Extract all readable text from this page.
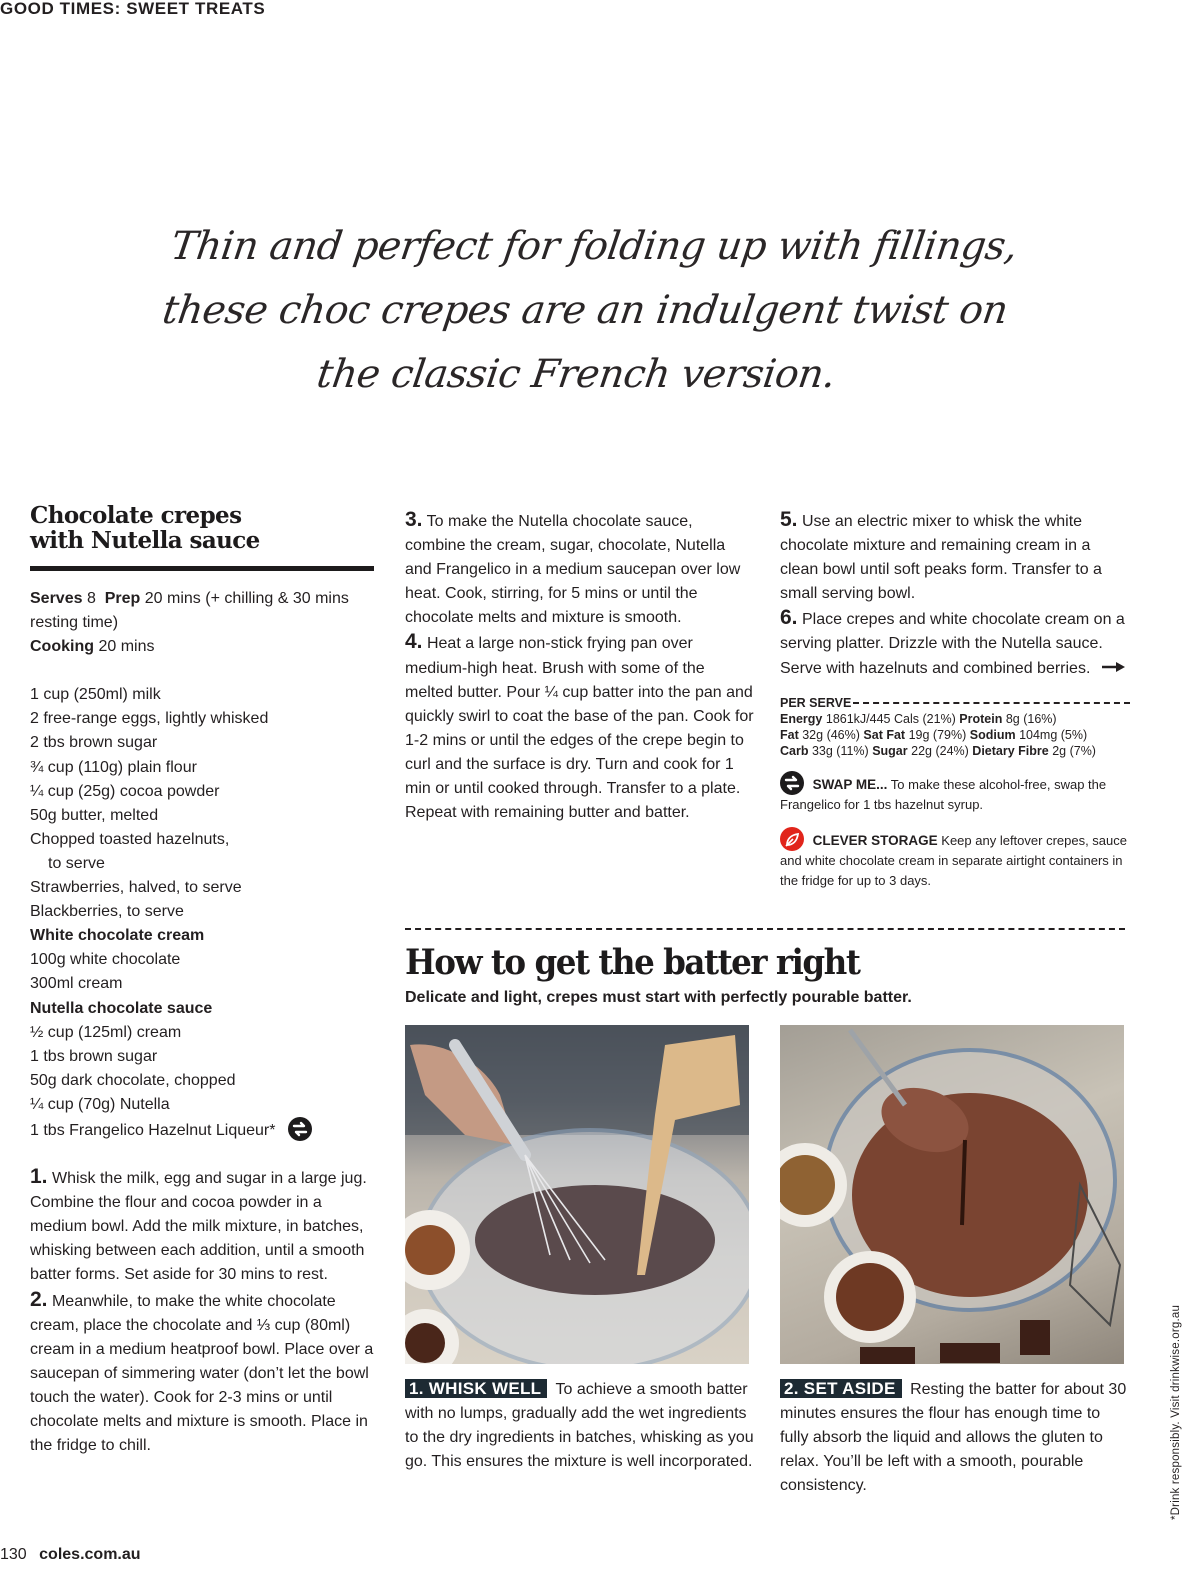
GOOD TIMES: SWEET TREATS
Thin and perfect for folding up with fillings,
these choc crepes are an indulgent twist on
the classic French version.
Chocolate crepes
with Nutella sauce
Serves 8 Prep 20 mins (+ chilling & 30 mins resting time)
Cooking 20 mins
1 cup (250ml) milk
2 free-range eggs, lightly whisked
2 tbs brown sugar
¾ cup (110g) plain flour
¼ cup (25g) cocoa powder
50g butter, melted
Chopped toasted hazelnuts,
to serve
Strawberries, halved, to serve
Blackberries, to serve
White chocolate cream
100g white chocolate
300ml cream
Nutella chocolate sauce
½ cup (125ml) cream
1 tbs brown sugar
50g dark chocolate, chopped
¼ cup (70g) Nutella
1 tbs Frangelico Hazelnut Liqueur*
1. Whisk the milk, egg and sugar in a large jug. Combine the flour and cocoa powder in a medium bowl. Add the milk mixture, in batches, whisking between each addition, until a smooth batter forms. Set aside for 30 mins to rest.
2. Meanwhile, to make the white chocolate cream, place the chocolate and ⅓ cup (80ml) cream in a medium heatproof bowl. Place over a saucepan of simmering water (don’t let the bowl touch the water). Cook for 2-3 mins or until chocolate melts and mixture is smooth. Place in the fridge to chill.
3. To make the Nutella chocolate sauce, combine the cream, sugar, chocolate, Nutella and Frangelico in a medium saucepan over low heat. Cook, stirring, for 5 mins or until the chocolate melts and mixture is smooth.
4. Heat a large non-stick frying pan over medium-high heat. Brush with some of the melted butter. Pour ¼ cup batter into the pan and quickly swirl to coat the base of the pan. Cook for 1-2 mins or until the edges of the crepe begin to curl and the surface is dry. Turn and cook for 1 min or until cooked through. Transfer to a plate. Repeat with remaining butter and batter.
5. Use an electric mixer to whisk the white chocolate mixture and remaining cream in a clean bowl until soft peaks form. Transfer to a small serving bowl.
6. Place crepes and white chocolate cream on a serving platter. Drizzle with the Nutella sauce. Serve with hazelnuts and combined berries.
PER SERVE
Energy 1861kJ/445 Cals (21%) Protein 8g (16%)
Fat 32g (46%) Sat Fat 19g (79%) Sodium 104mg (5%)
Carb 33g (11%) Sugar 22g (24%) Dietary Fibre 2g (7%)
SWAP ME... To make these alcohol-free, swap the Frangelico for 1 tbs hazelnut syrup.
CLEVER STORAGE Keep any leftover crepes, sauce and white chocolate cream in separate airtight containers in the fridge for up to 3 days.
How to get the batter right
Delicate and light, crepes must start with perfectly pourable batter.
1. WHISK WELL To achieve a smooth batter with no lumps, gradually add the wet ingredients to the dry ingredients in batches, whisking as you go. This ensures the mixture is well incorporated.
2. SET ASIDE Resting the batter for about 30 minutes ensures the flour has enough time to fully absorb the liquid and allows the gluten to relax. You’ll be left with a smooth, pourable consistency.	*Drink responsibly. Visit drinkwise.org.au
130 coles.com.au
